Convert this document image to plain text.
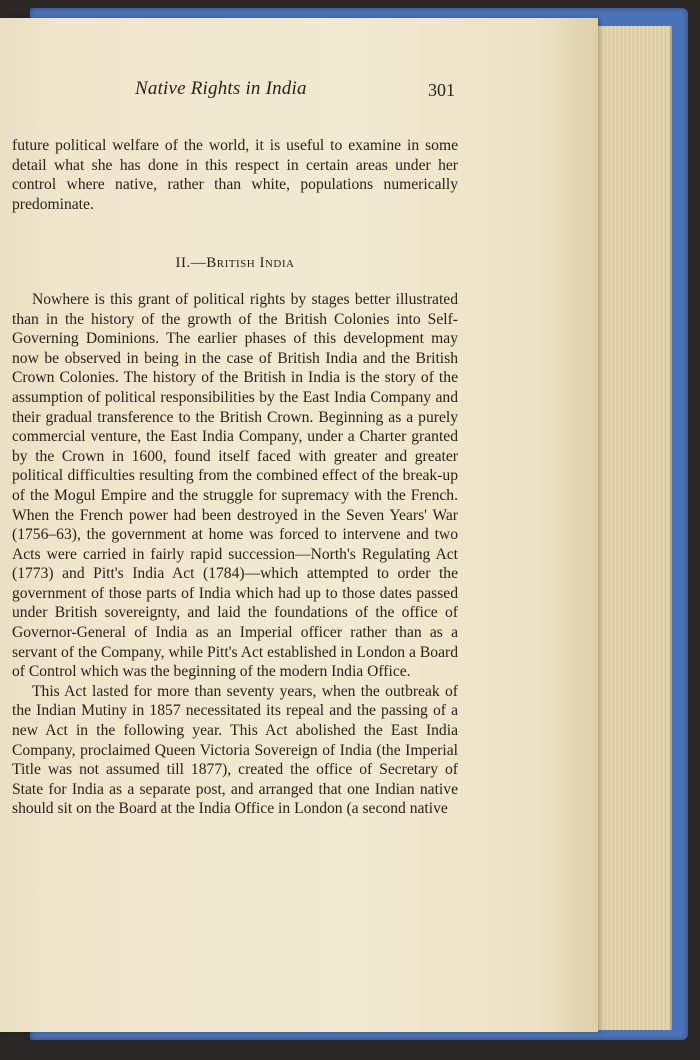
Native Rights in India	301

future political welfare of the world, it is useful to examine in some detail what she has done in this respect in certain areas under her control where native, rather than white, populations numerically predominate.

II.—British India

Nowhere is this grant of political rights by stages better illustrated than in the history of the growth of the British Colonies into Self-Governing Dominions. The earlier phases of this development may now be observed in being in the case of British India and the British Crown Colonies. The history of the British in India is the story of the assumption of political responsibilities by the East India Company and their gradual transference to the British Crown. Beginning as a purely commercial venture, the East India Company, under a Charter granted by the Crown in 1600, found itself faced with greater and greater political difficulties resulting from the combined effect of the break-up of the Mogul Empire and the struggle for supremacy with the French. When the French power had been destroyed in the Seven Years' War (1756–63), the government at home was forced to intervene and two Acts were carried in fairly rapid succession—North's Regulating Act (1773) and Pitt's India Act (1784)—which attempted to order the government of those parts of India which had up to those dates passed under British sovereignty, and laid the foundations of the office of Governor-General of India as an Imperial officer rather than as a servant of the Company, while Pitt's Act established in London a Board of Control which was the beginning of the modern India Office.

This Act lasted for more than seventy years, when the outbreak of the Indian Mutiny in 1857 necessitated its repeal and the passing of a new Act in the following year. This Act abolished the East India Company, proclaimed Queen Victoria Sovereign of India (the Imperial Title was not assumed till 1877), created the office of Secretary of State for India as a separate post, and arranged that one Indian native should sit on the Board at the India Office in London (a second native
